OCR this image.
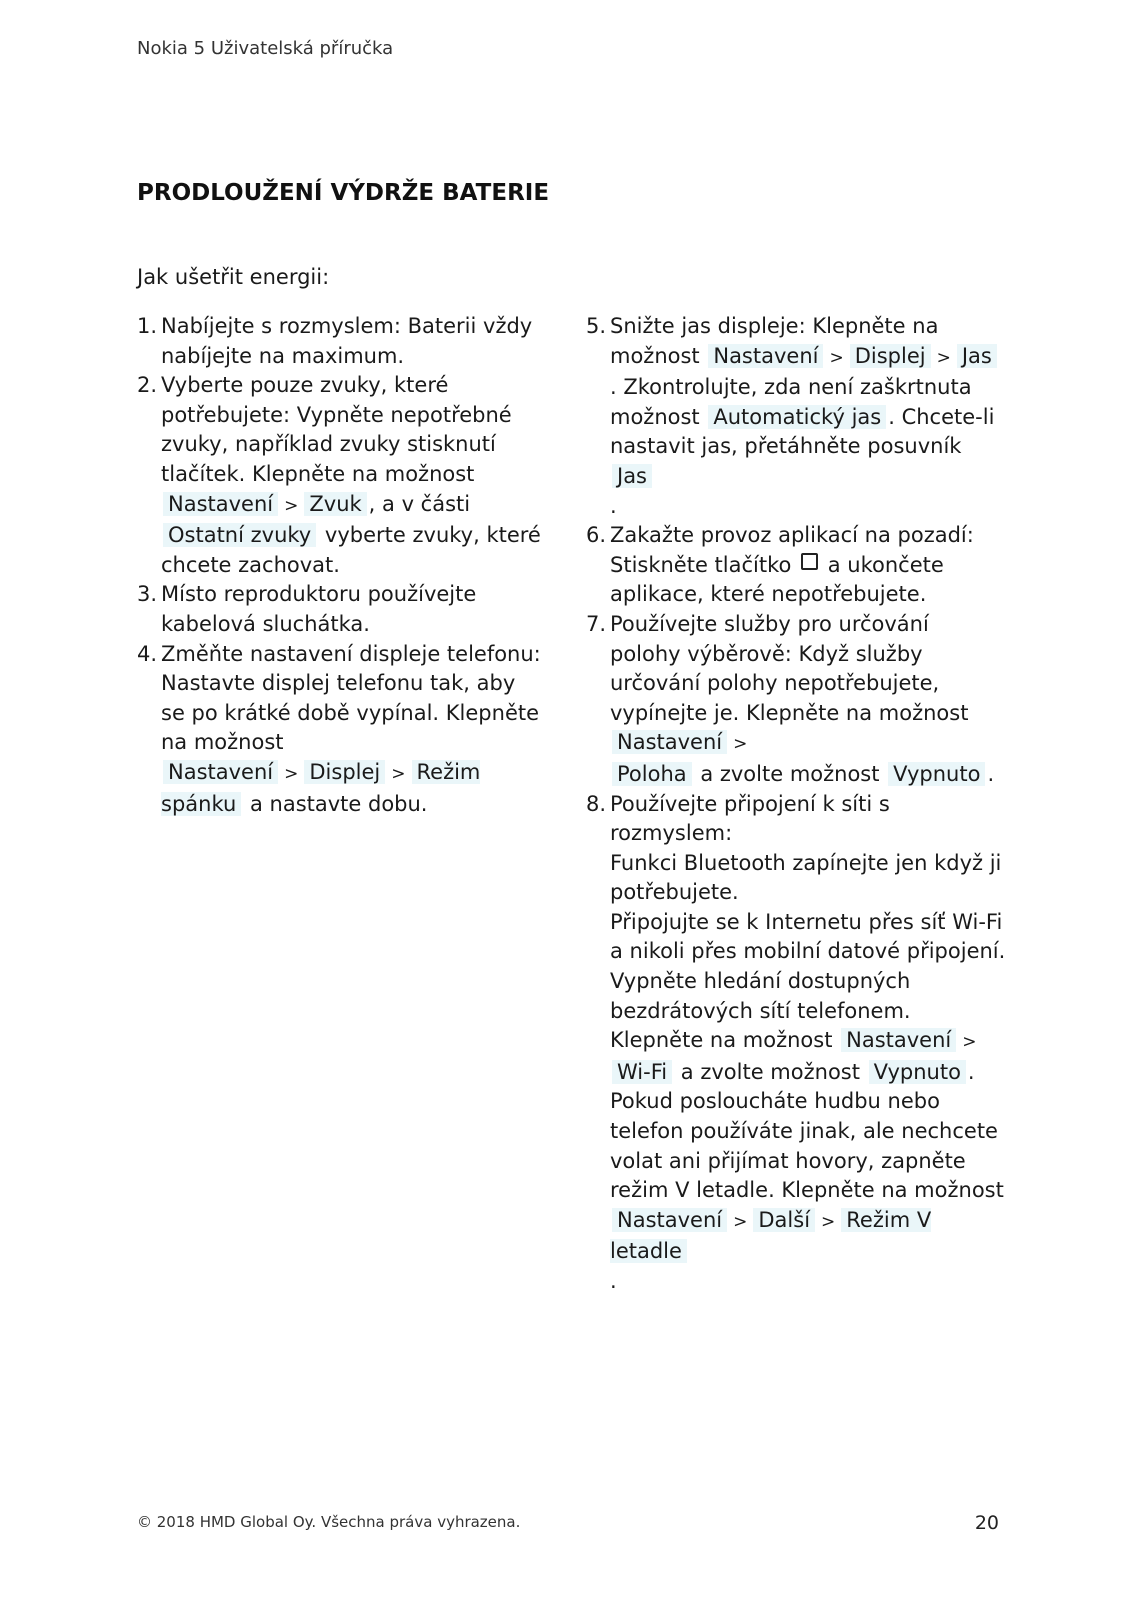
Nokia 5 Uživatelská příručka
PRODLOUŽENÍ VÝDRŽE BATERIE
Jak ušetřit energii:
1. Nabíjejte s rozmyslem: Baterii vždy nabíjejte na maximum.
2. Vyberte pouze zvuky, které potřebujete: Vypněte nepotřebné zvuky, například zvuky stisknutí tlačítek. Klepněte na možnost Nastavení > Zvuk , a v části Ostatní zvuky vyberte zvuky, které chcete zachovat.
3. Místo reproduktoru používejte kabelová sluchátka.
4. Změňte nastavení displeje telefonu: Nastavte displej telefonu tak, aby se po krátké době vypínal. Klepněte na možnost Nastavení > Displej > Režim spánku a nastavte dobu.
5. Snižte jas displeje: Klepněte na možnost Nastavení > Displej > Jas . Zkontrolujte, zda není zaškrtnuta možnost Automatický jas . Chcete-li nastavit jas, přetáhněte posuvník Jas
.
6. Zakažte provoz aplikací na pozadí: Stiskněte tlačítko a ukončete aplikace, které nepotřebujete.
7. Používejte služby pro určování polohy výběrově: Když služby určování polohy nepotřebujete, vypínejte je. Klepněte na možnost Nastavení >
Poloha a zvolte možnost Vypnuto .
8. Používejte připojení k síti s rozmyslem:
Funkci Bluetooth zapínejte jen když ji potřebujete.
Připojujte se k Internetu přes síť Wi-Fi a nikoli přes mobilní datové připojení. Vypněte hledání dostupných bezdrátových sítí telefonem. Klepněte na možnost Nastavení >
Wi-Fi a zvolte možnost Vypnuto .
Pokud posloucháte hudbu nebo telefon používáte jinak, ale nechcete volat ani přijímat hovory, zapněte režim V letadle. Klepněte na možnost Nastavení > Další > Režim V letadle
.
© 2018 HMD Global Oy. Všechna práva vyhrazena.	20
